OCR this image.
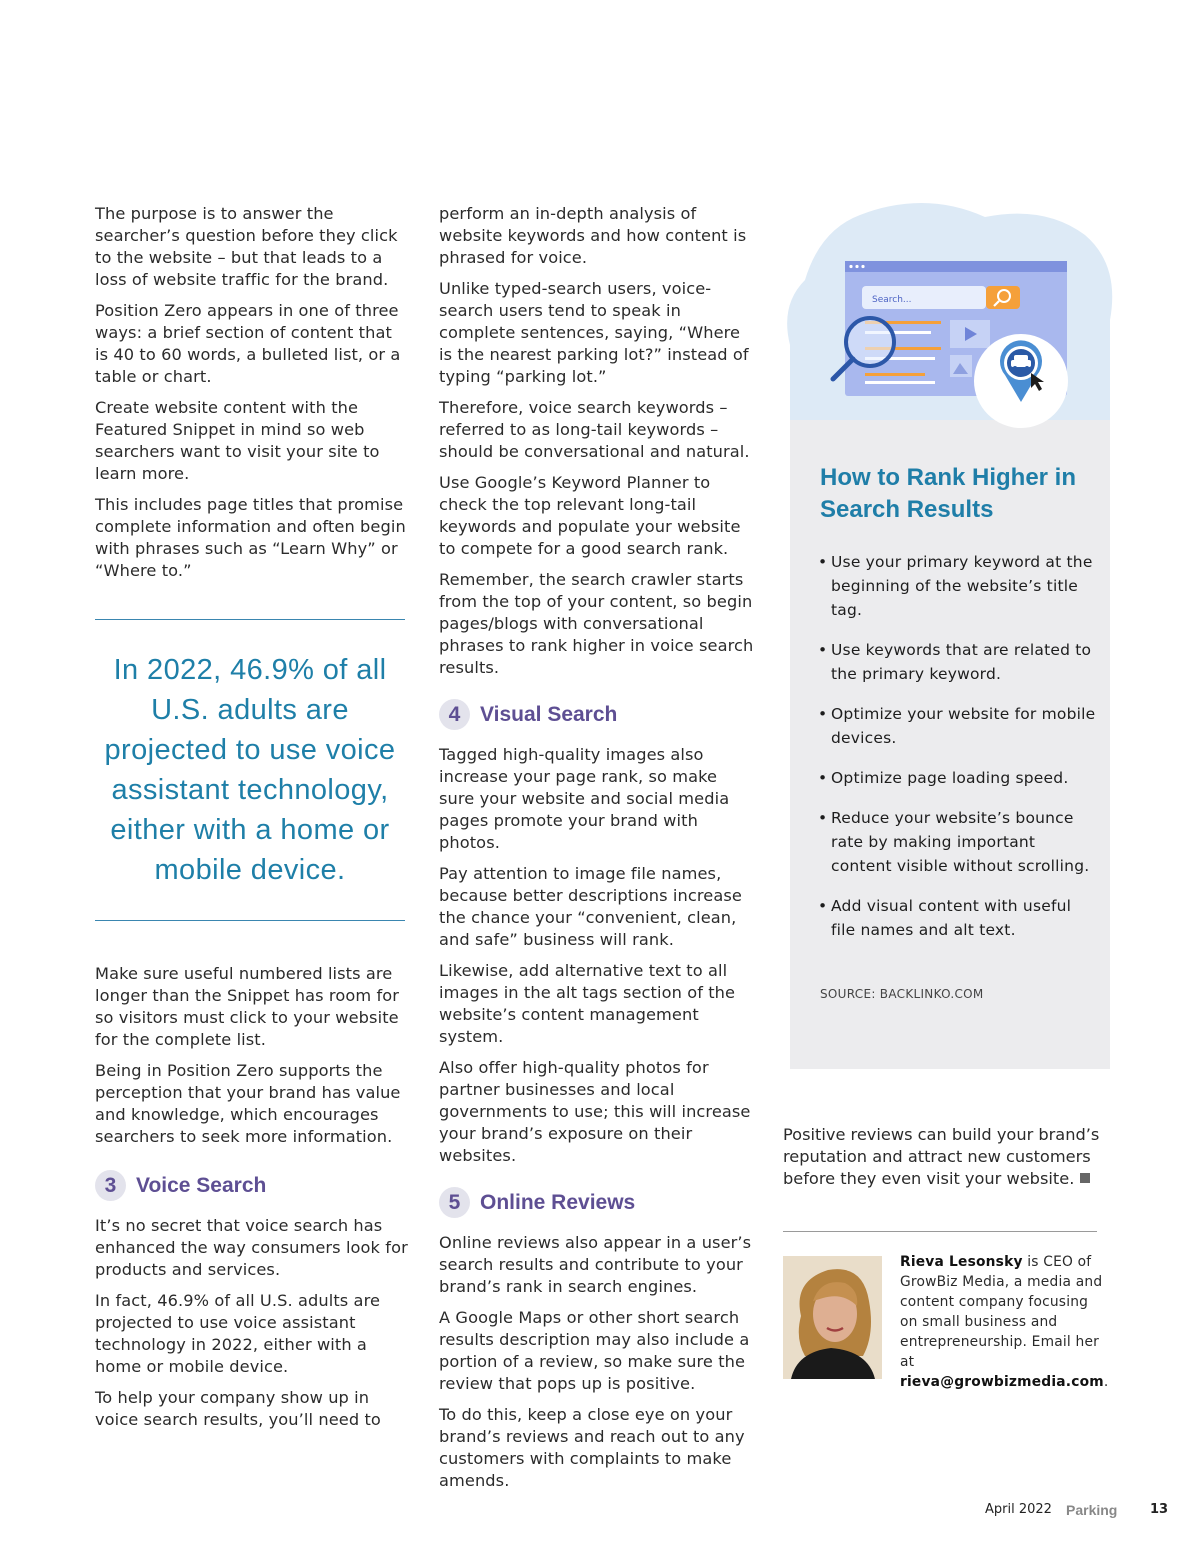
The purpose is to answer the searcher’s question before they click to the website – but that leads to a loss of website traffic for the brand.

Position Zero appears in one of three ways: a brief section of content that is 40 to 60 words, a bulleted list, or a table or chart.

Create website content with the Featured Snippet in mind so web searchers want to visit your site to learn more.

This includes page titles that promise complete information and often begin with phrases such as “Learn Why” or “Where to.”

In 2022, 46.9% of all U.S. adults are projected to use voice assistant technology, either with a home or mobile device.

Make sure useful numbered lists are longer than the Snippet has room for so visitors must click to your website for the complete list.

Being in Position Zero supports the perception that your brand has value and knowledge, which encourages searchers to seek more information.

3 Voice Search

It’s no secret that voice search has enhanced the way consumers look for products and services.

In fact, 46.9% of all U.S. adults are projected to use voice assistant technology in 2022, either with a home or mobile device.

To help your company show up in voice search results, you’ll need to

perform an in-depth analysis of website keywords and how content is phrased for voice.

Unlike typed-search users, voice-search users tend to speak in complete sentences, saying, “Where is the nearest parking lot?” instead of typing “parking lot.”

Therefore, voice search keywords – referred to as long-tail keywords – should be conversational and natural.

Use Google’s Keyword Planner to check the top relevant long-tail keywords and populate your website to compete for a good search rank.

Remember, the search crawler starts from the top of your content, so begin pages/blogs with conversational phrases to rank higher in voice search results.

4 Visual Search

Tagged high-quality images also increase your page rank, so make sure your website and social media pages promote your brand with photos.

Pay attention to image file names, because better descriptions increase the chance your “convenient, clean, and safe” business will rank.

Likewise, add alternative text to all images in the alt tags section of the website’s content management system.

Also offer high-quality photos for partner businesses and local governments to use; this will increase your brand’s exposure on their websites.

5 Online Reviews

Online reviews also appear in a user’s search results and contribute to your brand’s rank in search engines.

A Google Maps or other short search results description may also include a portion of a review, so make sure the review that pops up is positive.

To do this, keep a close eye on your brand’s reviews and reach out to any customers with complaints to make amends.

Search...
How to Rank Higher in Search Results
• Use your primary keyword at the beginning of the website’s title tag.
• Use keywords that are related to the primary keyword.
• Optimize your website for mobile devices.
• Optimize page loading speed.
• Reduce your website’s bounce rate by making important content visible without scrolling.
• Add visual content with useful file names and alt text.
SOURCE: BACKLINKO.COM
Positive reviews can build your brand’s reputation and attract new customers before they even visit your website.
Rieva Lesonsky is CEO of GrowBiz Media, a media and content company focusing on small business and entrepreneurship. Email her at rieva@growbizmedia.com.
April 2022 Parking	13
